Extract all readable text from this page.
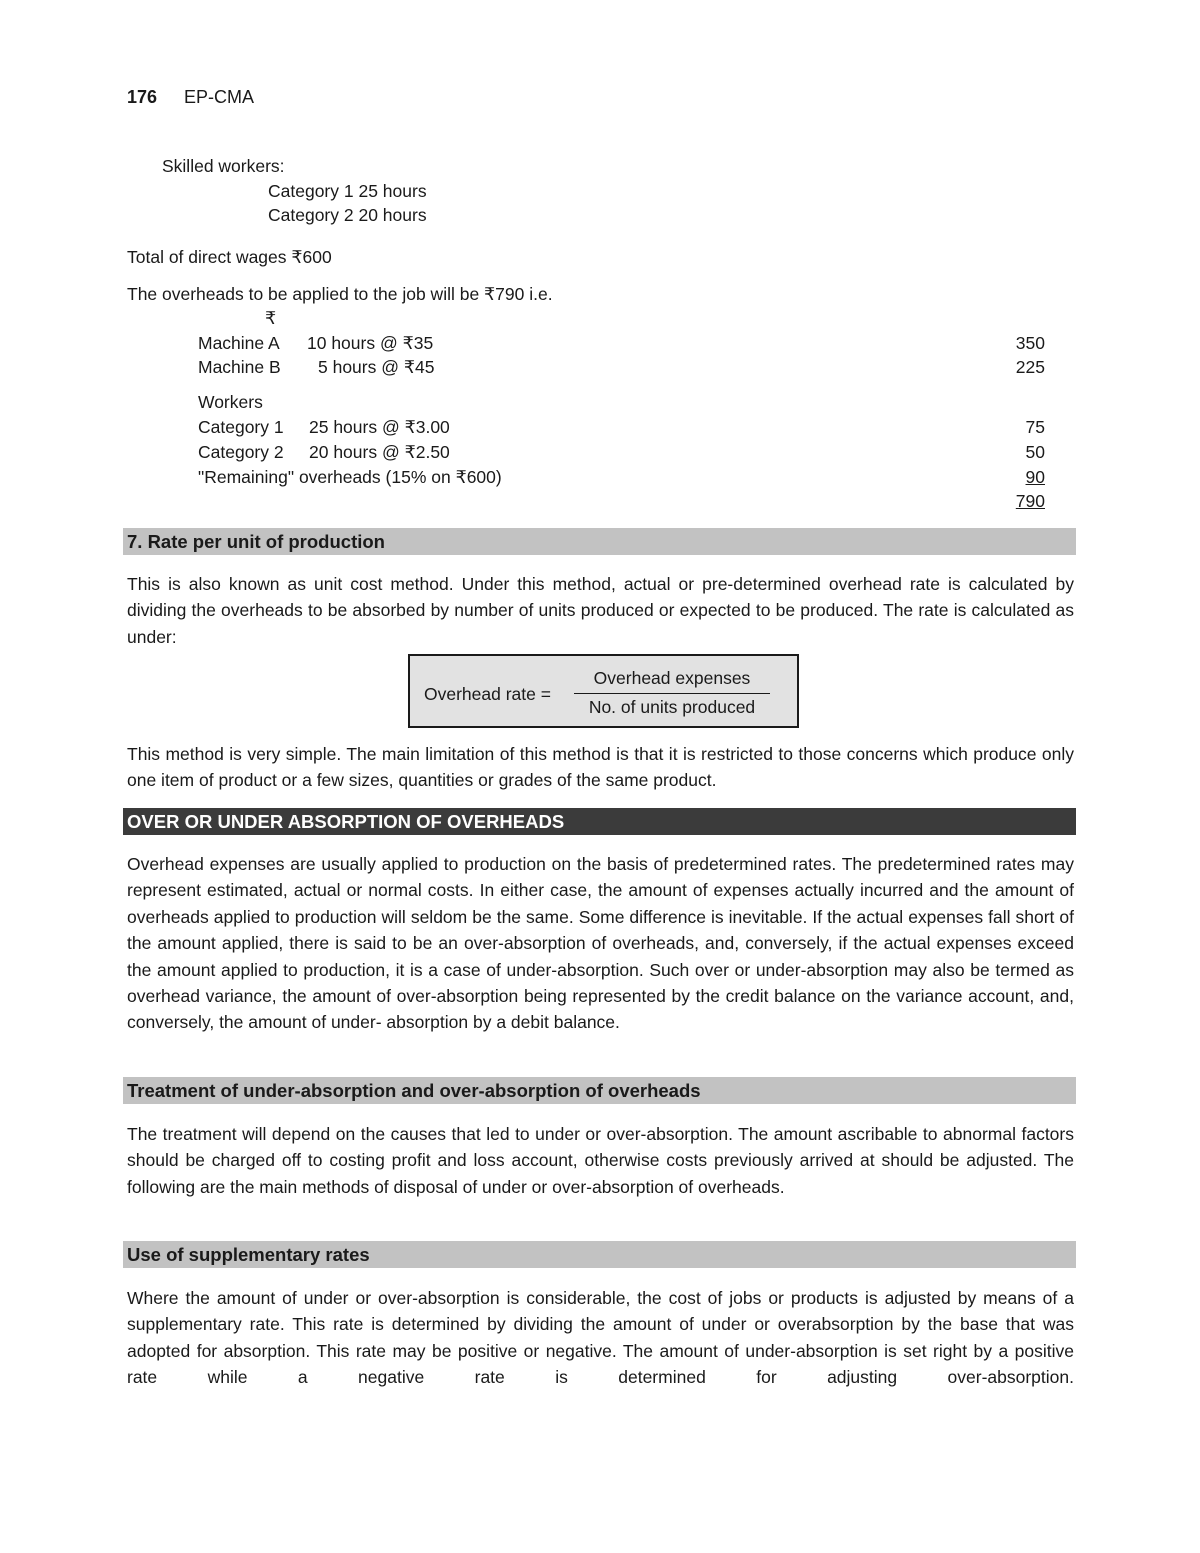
176 EP-CMA
Skilled workers:
Category 1 25 hours
Category 2 20 hours
Total of direct wages ₹600
The overheads to be applied to the job will be ₹790 i.e.
₹
Machine A 10 hours @ ₹35	350
Machine B 5 hours @ ₹45	225
Workers
Category 1 25 hours @ ₹3.00	75
Category 2 20 hours @ ₹2.50	50
"Remaining" overheads (15% on ₹600)	90
790
7. Rate per unit of production
This is also known as unit cost method. Under this method, actual or pre-determined overhead rate is calculated by dividing the overheads to be absorbed by number of units produced or expected to be produced. The rate is calculated as under:
Overhead rate =
Overhead expenses
No. of units produced
This method is very simple. The main limitation of this method is that it is restricted to those concerns which produce only one item of product or a few sizes, quantities or grades of the same product.
OVER OR UNDER ABSORPTION OF OVERHEADS
Overhead expenses are usually applied to production on the basis of predetermined rates. The predetermined rates may represent estimated, actual or normal costs. In either case, the amount of expenses actually incurred and the amount of overheads applied to production will seldom be the same. Some difference is inevitable. If the actual expenses fall short of the amount applied, there is said to be an over-absorption of overheads, and, conversely, if the actual expenses exceed the amount applied to production, it is a case of under-absorption. Such over or under-absorption may also be termed as overhead variance, the amount of over-absorption being represented by the credit balance on the variance account, and, conversely, the amount of under- absorption by a debit balance.
Treatment of under-absorption and over-absorption of overheads
The treatment will depend on the causes that led to under or over-absorption. The amount ascribable to abnormal factors should be charged off to costing profit and loss account, otherwise costs previously arrived at should be adjusted. The following are the main methods of disposal of under or over-absorption of overheads.
Use of supplementary rates
Where the amount of under or over-absorption is considerable, the cost of jobs or products is adjusted by means of a supplementary rate. This rate is determined by dividing the amount of under or overabsorption by the base that was adopted for absorption. This rate may be positive or negative. The amount of under-absorption is set right by a positive rate while a negative rate is determined for adjusting over-absorption.
